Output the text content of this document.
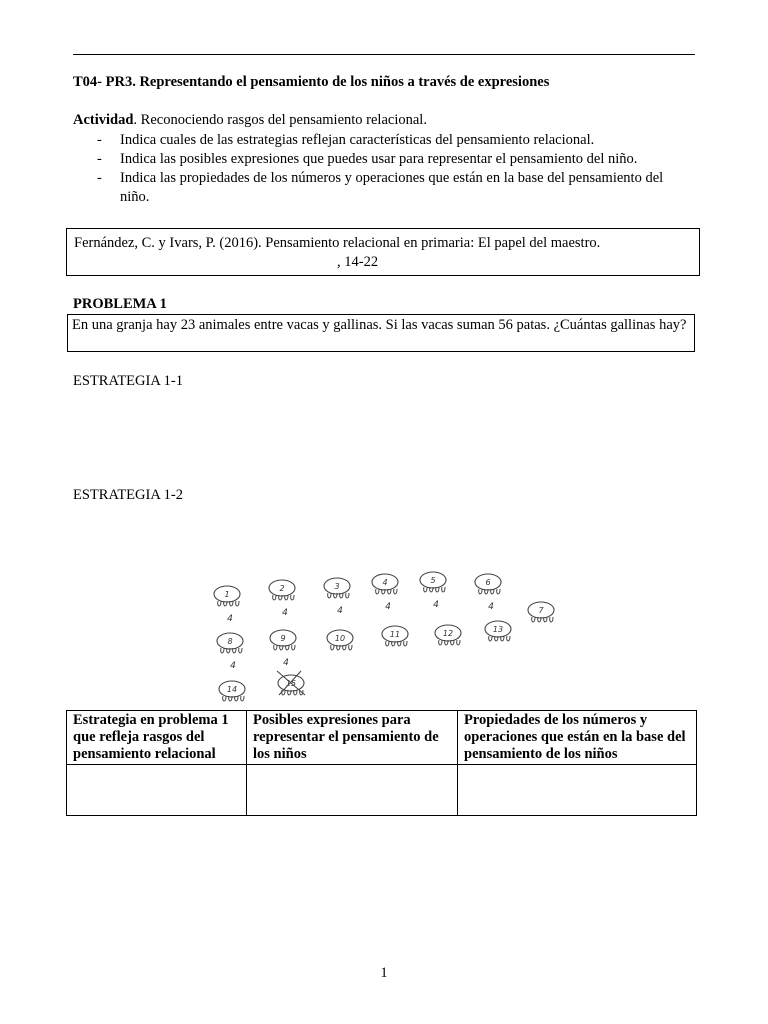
T04- PR3. Representando el pensamiento de los niños a través de expresiones
Actividad. Reconociendo rasgos del pensamiento relacional.
- Indica cuales de las estrategias reflejan características del pensamiento relacional.
- Indica las posibles expresiones que puedes usar para representar el pensamiento del niño.
- Indica las propiedades de los números y operaciones que están en la base del pensamiento del niño.
Fernández, C. y Ivars, P. (2016). Pensamiento relacional en primaria: El papel del maestro.
, 14-22
PROBLEMA 1
En una granja hay 23 animales entre vacas y gallinas. Si las vacas suman 56 patas. ¿Cuántas gallinas hay?
ESTRATEGIA 1-1
ESTRATEGIA 1-2
1
4
2
4
3
4
4
4
5
4
6
4	7
8
4
9
4
10	11	12	13
14
15
Estrategia en problema 1 que refleja rasgos del pensamiento relacional	Posibles expresiones para representar el pensamiento de los niños	Propiedades de los números y operaciones que están en la base del pensamiento de los niños

1
